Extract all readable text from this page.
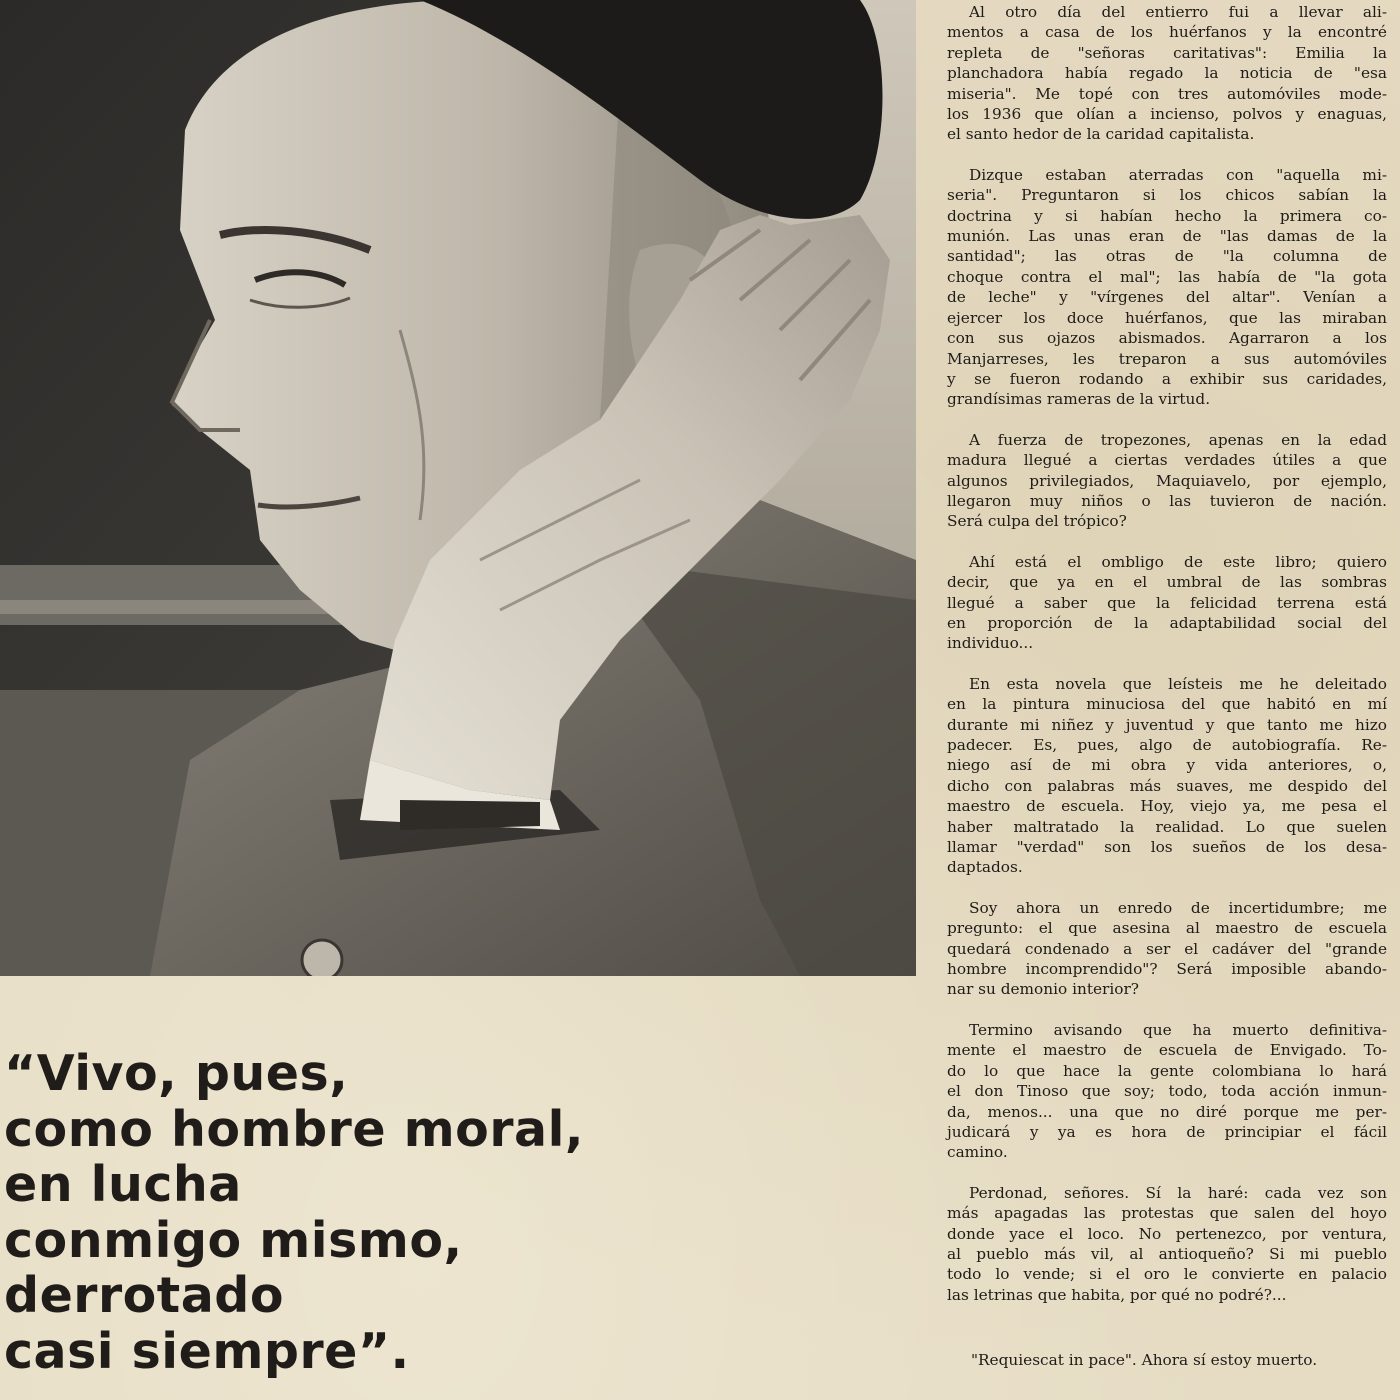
“Vivo, pues,
como hombre moral,
en lucha
conmigo mismo,
derrotado
casi siempre”.

Al otro día del entierro fui a llevar ali-
mentos a casa de los huérfanos y la encontré
repleta de "señoras caritativas": Emilia la
planchadora había regado la noticia de "esa
miseria". Me topé con tres automóviles mode-
los 1936 que olían a incienso, polvos y enaguas,
el santo hedor de la caridad capitalista.

Dizque estaban aterradas con "aquella mi-
seria". Preguntaron si los chicos sabían la
doctrina y si habían hecho la primera co-
munión. Las unas eran de "las damas de la
santidad"; las otras de "la columna de
choque contra el mal"; las había de "la gota
de leche" y "vírgenes del altar". Venían a
ejercer los doce huérfanos, que las miraban
con sus ojazos abismados. Agarraron a los
Manjarreses, les treparon a sus automóviles
y se fueron rodando a exhibir sus caridades,
grandísimas rameras de la virtud.

A fuerza de tropezones, apenas en la edad
madura llegué a ciertas verdades útiles a que
algunos privilegiados, Maquiavelo, por ejemplo,
llegaron muy niños o las tuvieron de nación.
Será culpa del trópico?

Ahí está el ombligo de este libro; quiero
decir, que ya en el umbral de las sombras
llegué a saber que la felicidad terrena está
en proporción de la adaptabilidad social del
individuo...

En esta novela que leísteis me he deleitado
en la pintura minuciosa del que habitó en mí
durante mi niñez y juventud y que tanto me hizo
padecer. Es, pues, algo de autobiografía. Re-
niego así de mi obra y vida anteriores, o,
dicho con palabras más suaves, me despido del
maestro de escuela. Hoy, viejo ya, me pesa el
haber maltratado la realidad. Lo que suelen
llamar "verdad" son los sueños de los desa-
daptados.

Soy ahora un enredo de incertidumbre; me
pregunto: el que asesina al maestro de escuela
quedará condenado a ser el cadáver del "grande
hombre incomprendido"? Será imposible abando-
nar su demonio interior?

Termino avisando que ha muerto definitiva-
mente el maestro de escuela de Envigado. To-
do lo que hace la gente colombiana lo hará
el don Tinoso que soy; todo, toda acción inmun-
da, menos... una que no diré porque me per-
judicará y ya es hora de principiar el fácil
camino.

Perdonad, señores. Sí la haré: cada vez son
más apagadas las protestas que salen del hoyo
donde yace el loco. No pertenezco, por ventura,
al pueblo más vil, al antioqueño? Si mi pueblo
todo lo vende; si el oro le convierte en palacio
las letrinas que habita, por qué no podré?...

"Requiescat in pace". Ahora sí estoy muerto.
